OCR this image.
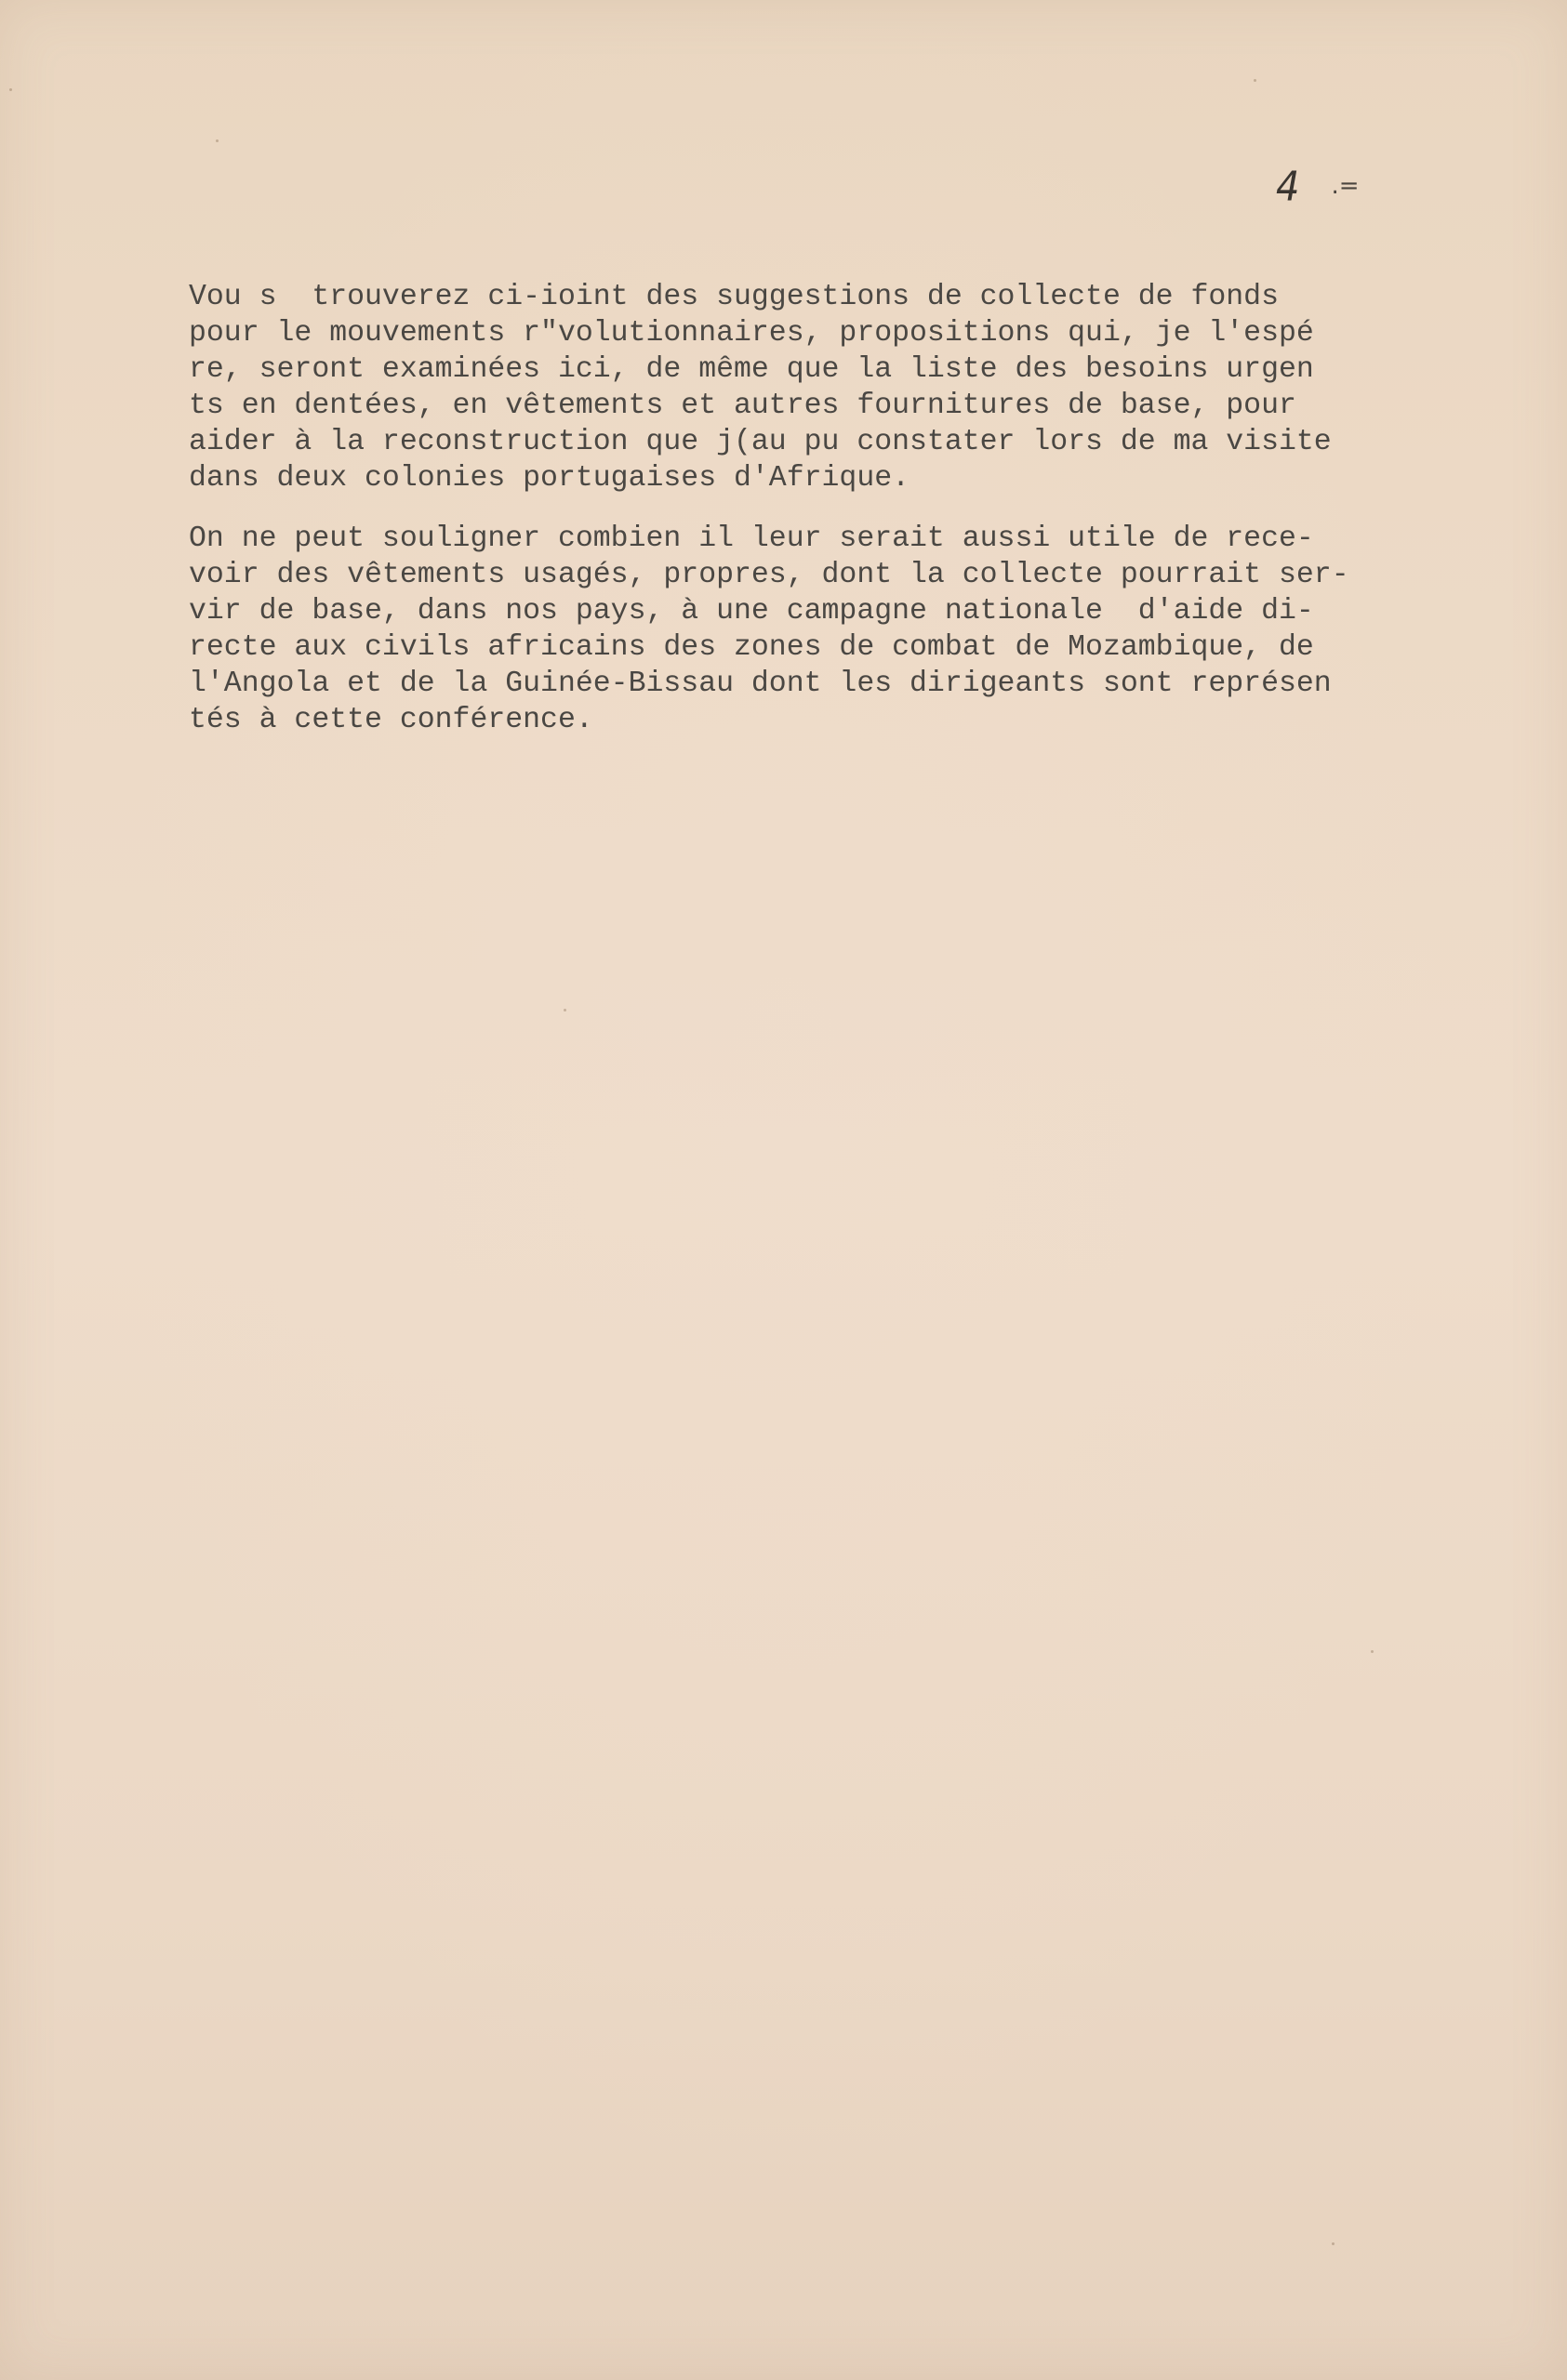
4 .=
Vou s  trouverez ci-ioint des suggestions de collecte de fonds
pour le mouvements r"volutionnaires, propositions qui, je l'espé
re, seront examinées ici, de même que la liste des besoins urgen
ts en dentées, en vêtements et autres fournitures de base, pour
aider à la reconstruction que j(au pu constater lors de ma visite
dans deux colonies portugaises d'Afrique.
On ne peut souligner combien il leur serait aussi utile de rece-
voir des vêtements usagés, propres, dont la collecte pourrait ser-
vir de base, dans nos pays, à une campagne nationale  d'aide di-
recte aux civils africains des zones de combat de Mozambique, de
l'Angola et de la Guinée-Bissau dont les dirigeants sont représen
tés à cette conférence.
